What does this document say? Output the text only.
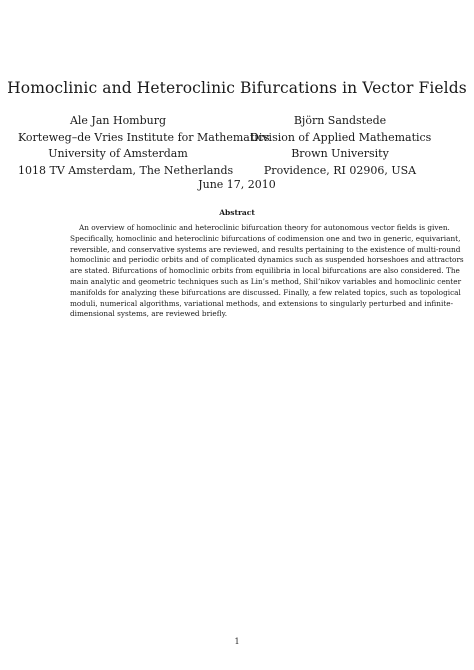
Homoclinic and Heteroclinic Bifurcations in Vector Fields
Ale Jan Homburg
Korteweg–de Vries Institute for Mathematics
University of Amsterdam
1018 TV Amsterdam, The Netherlands
Björn Sandstede
Division of Applied Mathematics
Brown University
Providence, RI 02906, USA
June 17, 2010
Abstract
An overview of homoclinic and heteroclinic bifurcation theory for autonomous vector fields is given.
Specifically, homoclinic and heteroclinic bifurcations of codimension one and two in generic, equivariant,
reversible, and conservative systems are reviewed, and results pertaining to the existence of multi-round
homoclinic and periodic orbits and of complicated dynamics such as suspended horseshoes and attractors
are stated. Bifurcations of homoclinic orbits from equilibria in local bifurcations are also considered. The
main analytic and geometric techniques such as Lin’s method, Shil’nikov variables and homoclinic center
manifolds for analyzing these bifurcations are discussed. Finally, a few related topics, such as topological
moduli, numerical algorithms, variational methods, and extensions to singularly perturbed and infinite-
dimensional systems, are reviewed briefly.
1
